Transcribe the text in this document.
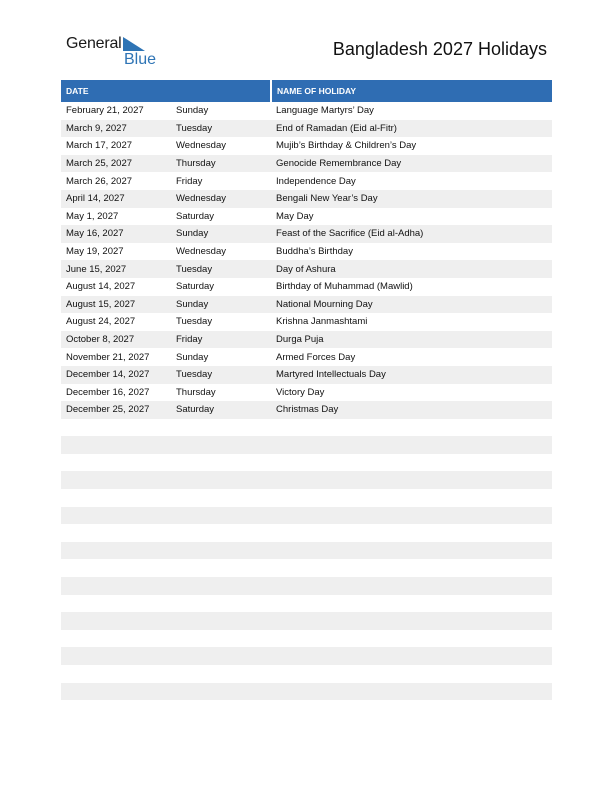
General
Blue
Bangladesh 2027 Holidays
DATE		NAME OF HOLIDAY
February 21, 2027	Sunday	Language Martyrs’ Day
March 9, 2027	Tuesday	End of Ramadan (Eid al-Fitr)
March 17, 2027	Wednesday	Mujib’s Birthday & Children’s Day
March 25, 2027	Thursday	Genocide Remembrance Day
March 26, 2027	Friday	Independence Day
April 14, 2027	Wednesday	Bengali New Year’s Day
May 1, 2027	Saturday	May Day
May 16, 2027	Sunday	Feast of the Sacrifice (Eid al-Adha)
May 19, 2027	Wednesday	Buddha’s Birthday
June 15, 2027	Tuesday	Day of Ashura
August 14, 2027	Saturday	Birthday of Muhammad (Mawlid)
August 15, 2027	Sunday	National Mourning Day
August 24, 2027	Tuesday	Krishna Janmashtami
October 8, 2027	Friday	Durga Puja
November 21, 2027	Sunday	Armed Forces Day
December 14, 2027	Tuesday	Martyred Intellectuals Day
December 16, 2027	Thursday	Victory Day
December 25, 2027	Saturday	Christmas Day
